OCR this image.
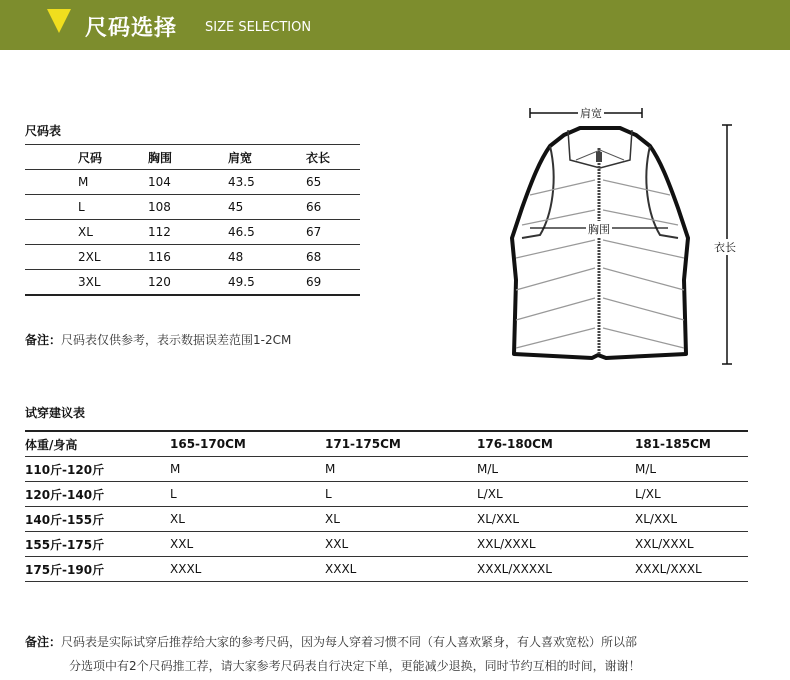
尺码选择 SIZE SELECTION
尺码表
尺码	胸围	肩宽	衣长
M	104	43.5	65
L	108	45	66
XL	112	46.5	67
2XL	116	48	68
3XL	120	49.5	69
备注：尺码表仅供参考，表示数据误差范围1-2CM
肩宽
胸围
衣长
试穿建议表
体重/身高	165-170CM	171-175CM	176-180CM	181-185CM
110斤-120斤	M	M	M/L	M/L
120斤-140斤	L	L	L/XL	L/XL
140斤-155斤	XL	XL	XL/XXL	XL/XXL
155斤-175斤	XXL	XXL	XXL/XXXL	XXL/XXXL
175斤-190斤	XXXL	XXXL	XXXL/XXXXL	XXXL/XXXL
备注：尺码表是实际试穿后推荐给大家的参考尺码，因为每人穿着习惯不同（有人喜欢紧身，有人喜欢宽松）所以部
分选项中有2个尺码推工荐，请大家参考尺码表自行决定下单，更能减少退换，同时节约互相的时间，谢谢！
